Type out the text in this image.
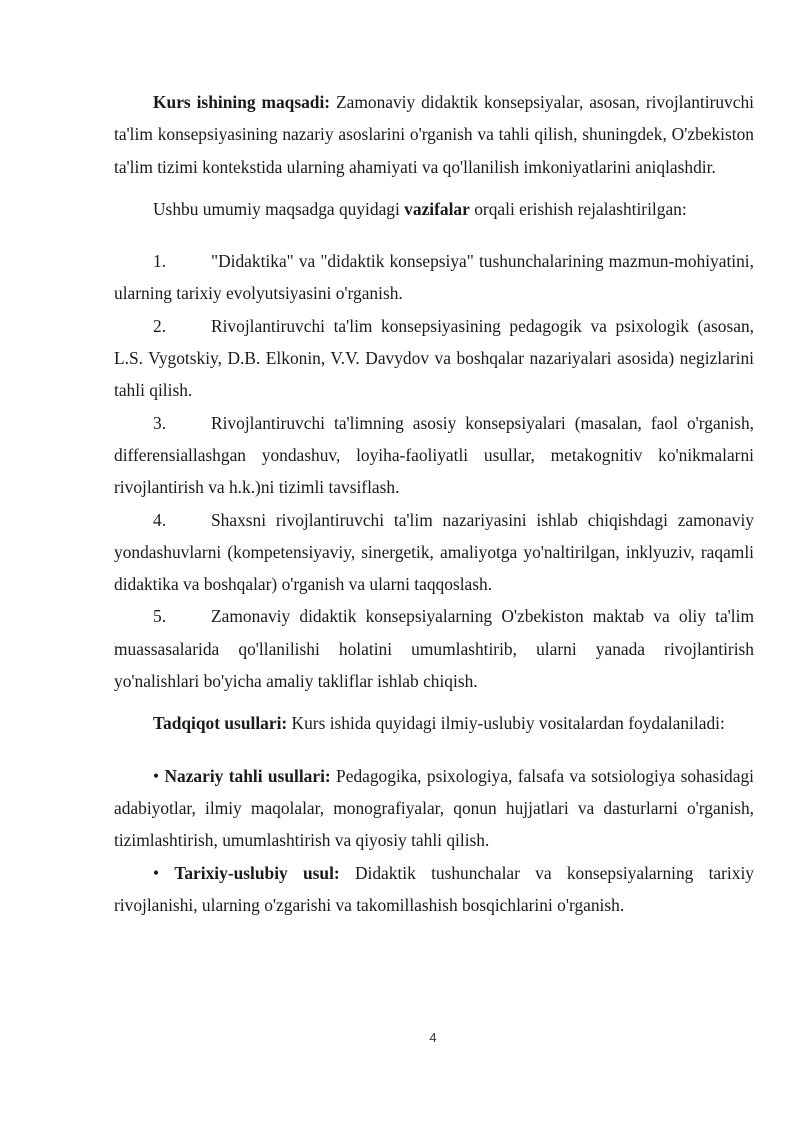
Kurs ishining maqsadi: Zamonaviy didaktik konsepsiyalar, asosan, rivojlantiruvchi ta'lim konsepsiyasining nazariy asoslarini o'rganish va tahli qilish, shuningdek, O'zbekiston ta'lim tizimi kontekstida ularning ahamiyati va qo'llanilish imkoniyatlarini aniqlashdir.

Ushbu umumiy maqsadga quyidagi vazifalar orqali erishish rejalashtirilgan:

1.	"Didaktika" va "didaktik konsepsiya" tushunchalarining mazmun-mohiyatini, ularning tarixiy evolyutsiyasini o'rganish.

2.	Rivojlantiruvchi ta'lim konsepsiyasining pedagogik va psixologik (asosan, L.S. Vygotskiy, D.B. Elkonin, V.V. Davydov va boshqalar nazariyalari asosida) negizlarini tahli qilish.

3.	Rivojlantiruvchi ta'limning asosiy konsepsiyalari (masalan, faol o'rganish, differensiallashgan yondashuv, loyiha-faoliyatli usullar, metakognitiv ko'nikmalarni rivojlantirish va h.k.)ni tizimli tavsiflash.

4.	Shaxsni rivojlantiruvchi ta'lim nazariyasini ishlab chiqishdagi zamonaviy yondashuvlarni (kompetensiyaviy, sinergetik, amaliyotga yo'naltirilgan, inklyuziv, raqamli didaktika va boshqalar) o'rganish va ularni taqqoslash.

5.	Zamonaviy didaktik konsepsiyalarning O'zbekiston maktab va oliy ta'lim muassasalarida qo'llanilishi holatini umumlashtirib, ularni yanada rivojlantirish yo'nalishlari bo'yicha amaliy takliflar ishlab chiqish.

Tadqiqot usullari: Kurs ishida quyidagi ilmiy-uslubiy vositalardan foydalaniladi:

• Nazariy tahli usullari: Pedagogika, psixologiya, falsafa va sotsiologiya sohasidagi adabiyotlar, ilmiy maqolalar, monografiyalar, qonun hujjatlari va dasturlarni o'rganish, tizimlashtirish, umumlashtirish va qiyosiy tahli qilish.

• Tarixiy-uslubiy usul: Didaktik tushunchalar va konsepsiyalarning tarixiy rivojlanishi, ularning o'zgarishi va takomillashish bosqichlarini o'rganish.

4
